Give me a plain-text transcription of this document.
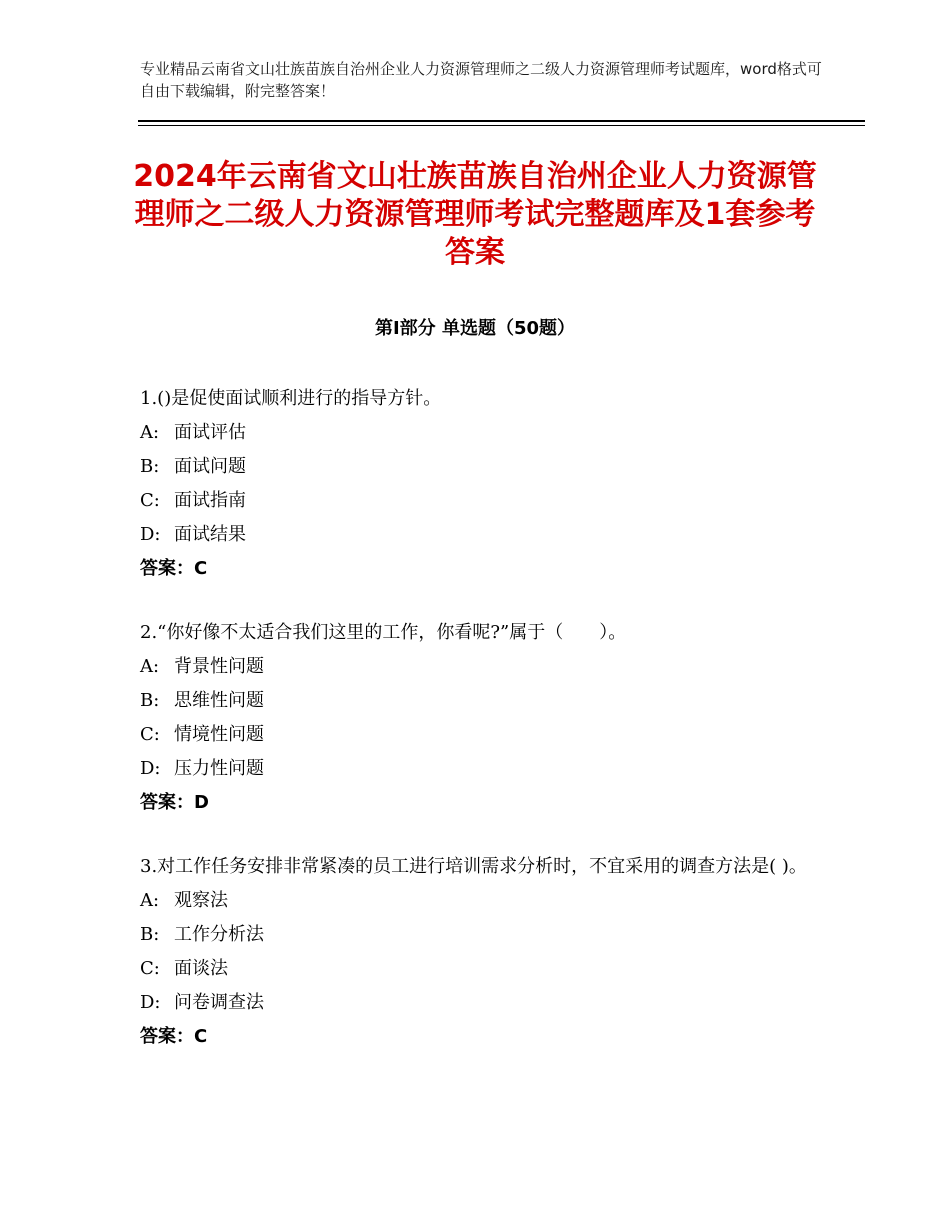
专业精品云南省文山壮族苗族自治州企业人力资源管理师之二级人力资源管理师考试题库，word格式可自由下载编辑，附完整答案！
2024年云南省文山壮族苗族自治州企业人力资源管理师之二级人力资源管理师考试完整题库及1套参考答案
第Ⅰ部分 单选题（50题）
1.()是促使面试顺利进行的指导方针。
A: 面试评估
B: 面试问题
C: 面试指南
D: 面试结果
答案：C
2.“你好像不太适合我们这里的工作，你看呢?”属于（　　）。
A: 背景性问题
B: 思维性问题
C: 情境性问题
D: 压力性问题
答案：D
3.对工作任务安排非常紧凑的员工进行培训需求分析时，不宜采用的调查方法是( )。
A: 观察法
B: 工作分析法
C: 面谈法
D: 问卷调查法
答案：C
